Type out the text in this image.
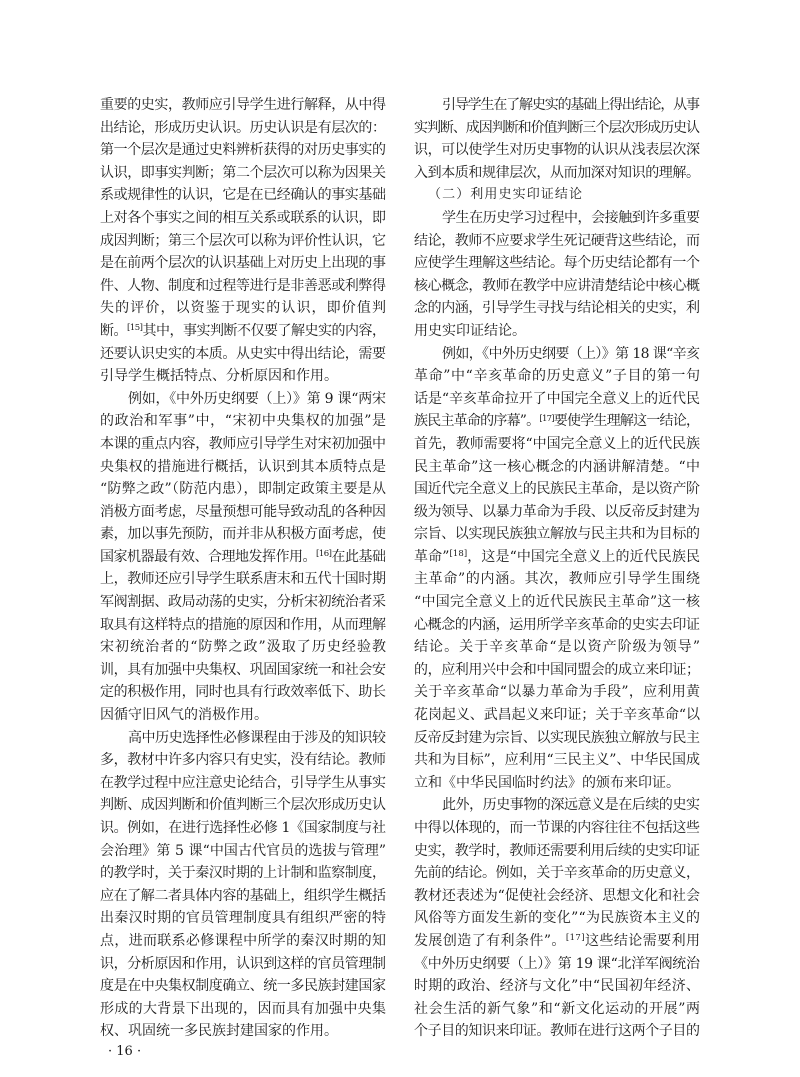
重要的史实，教师应引导学生进行解释，从中得
出结论，形成历史认识。历史认识是有层次的：
第一个层次是通过史料辨析获得的对历史事实的
认识，即事实判断；第二个层次可以称为因果关
系或规律性的认识，它是在已经确认的事实基础
上对各个事实之间的相互关系或联系的认识，即
成因判断；第三个层次可以称为评价性认识，它
是在前两个层次的认识基础上对历史上出现的事
件、人物、制度和过程等进行是非善恶或利弊得
失的评价，以资鉴于现实的认识，即价值判
断。[15]其中，事实判断不仅要了解史实的内容，
还要认识史实的本质。从史实中得出结论，需要
引导学生概括特点、分析原因和作用。
例如，《中外历史纲要（上）》第 9 课“两宋
的政治和军事”中，“宋初中央集权的加强”是
本课的重点内容，教师应引导学生对宋初加强中
央集权的措施进行概括，认识到其本质特点是
“防弊之政”（防范内患），即制定政策主要是从
消极方面考虑，尽量预想可能导致动乱的各种因
素，加以事先预防，而并非从积极方面考虑，使
国家机器最有效、合理地发挥作用。[16]在此基础
上，教师还应引导学生联系唐末和五代十国时期
军阀割据、政局动荡的史实，分析宋初统治者采
取具有这样特点的措施的原因和作用，从而理解
宋初统治者的“防弊之政”汲取了历史经验教
训，具有加强中央集权、巩固国家统一和社会安
定的积极作用，同时也具有行政效率低下、助长
因循守旧风气的消极作用。
高中历史选择性必修课程由于涉及的知识较
多，教材中许多内容只有史实，没有结论。教师
在教学过程中应注意史论结合，引导学生从事实
判断、成因判断和价值判断三个层次形成历史认
识。例如，在进行选择性必修 1《国家制度与社
会治理》第 5 课“中国古代官员的选拔与管理”
的教学时，关于秦汉时期的上计制和监察制度，
应在了解二者具体内容的基础上，组织学生概括
出秦汉时期的官员管理制度具有组织严密的特
点，进而联系必修课程中所学的秦汉时期的知
识，分析原因和作用，认识到这样的官员管理制
度是在中央集权制度确立、统一多民族封建国家
形成的大背景下出现的，因而具有加强中央集
权、巩固统一多民族封建国家的作用。
引导学生在了解史实的基础上得出结论，从事
实判断、成因判断和价值判断三个层次形成历史认
识，可以使学生对历史事物的认识从浅表层次深
入到本质和规律层次，从而加深对知识的理解。
（二）利用史实印证结论
学生在历史学习过程中，会接触到许多重要
结论，教师不应要求学生死记硬背这些结论，而
应使学生理解这些结论。每个历史结论都有一个
核心概念，教师在教学中应讲清楚结论中核心概
念的内涵，引导学生寻找与结论相关的史实，利
用史实印证结论。
例如，《中外历史纲要（上）》第 18 课“辛亥
革命”中“辛亥革命的历史意义”子目的第一句
话是“辛亥革命拉开了中国完全意义上的近代民
族民主革命的序幕”。[17]要使学生理解这一结论，
首先，教师需要将“中国完全意义上的近代民族
民主革命”这一核心概念的内涵讲解清楚。“中
国近代完全意义上的民族民主革命，是以资产阶
级为领导、以暴力革命为手段、以反帝反封建为
宗旨、以实现民族独立解放与民主共和为目标的
革命”[18]，这是“中国完全意义上的近代民族民
主革命”的内涵。其次，教师应引导学生围绕
“中国完全意义上的近代民族民主革命”这一核
心概念的内涵，运用所学辛亥革命的史实去印证
结论。关于辛亥革命“是以资产阶级为领导”
的，应利用兴中会和中国同盟会的成立来印证；
关于辛亥革命“以暴力革命为手段”，应利用黄
花岗起义、武昌起义来印证；关于辛亥革命“以
反帝反封建为宗旨、以实现民族独立解放与民主
共和为目标”，应利用“三民主义”、中华民国成
立和《中华民国临时约法》的颁布来印证。
此外，历史事物的深远意义是在后续的史实
中得以体现的，而一节课的内容往往不包括这些
史实，教学时，教师还需要利用后续的史实印证
先前的结论。例如，关于辛亥革命的历史意义，
教材还表述为“促使社会经济、思想文化和社会
风俗等方面发生新的变化”“为民族资本主义的
发展创造了有利条件”。[17]这些结论需要利用
《中外历史纲要（上）》第 19 课“北洋军阀统治
时期的政治、经济与文化”中“民国初年经济、
社会生活的新气象”和“新文化运动的开展”两
个子目的知识来印证。教师在进行这两个子目的
· 16 ·
